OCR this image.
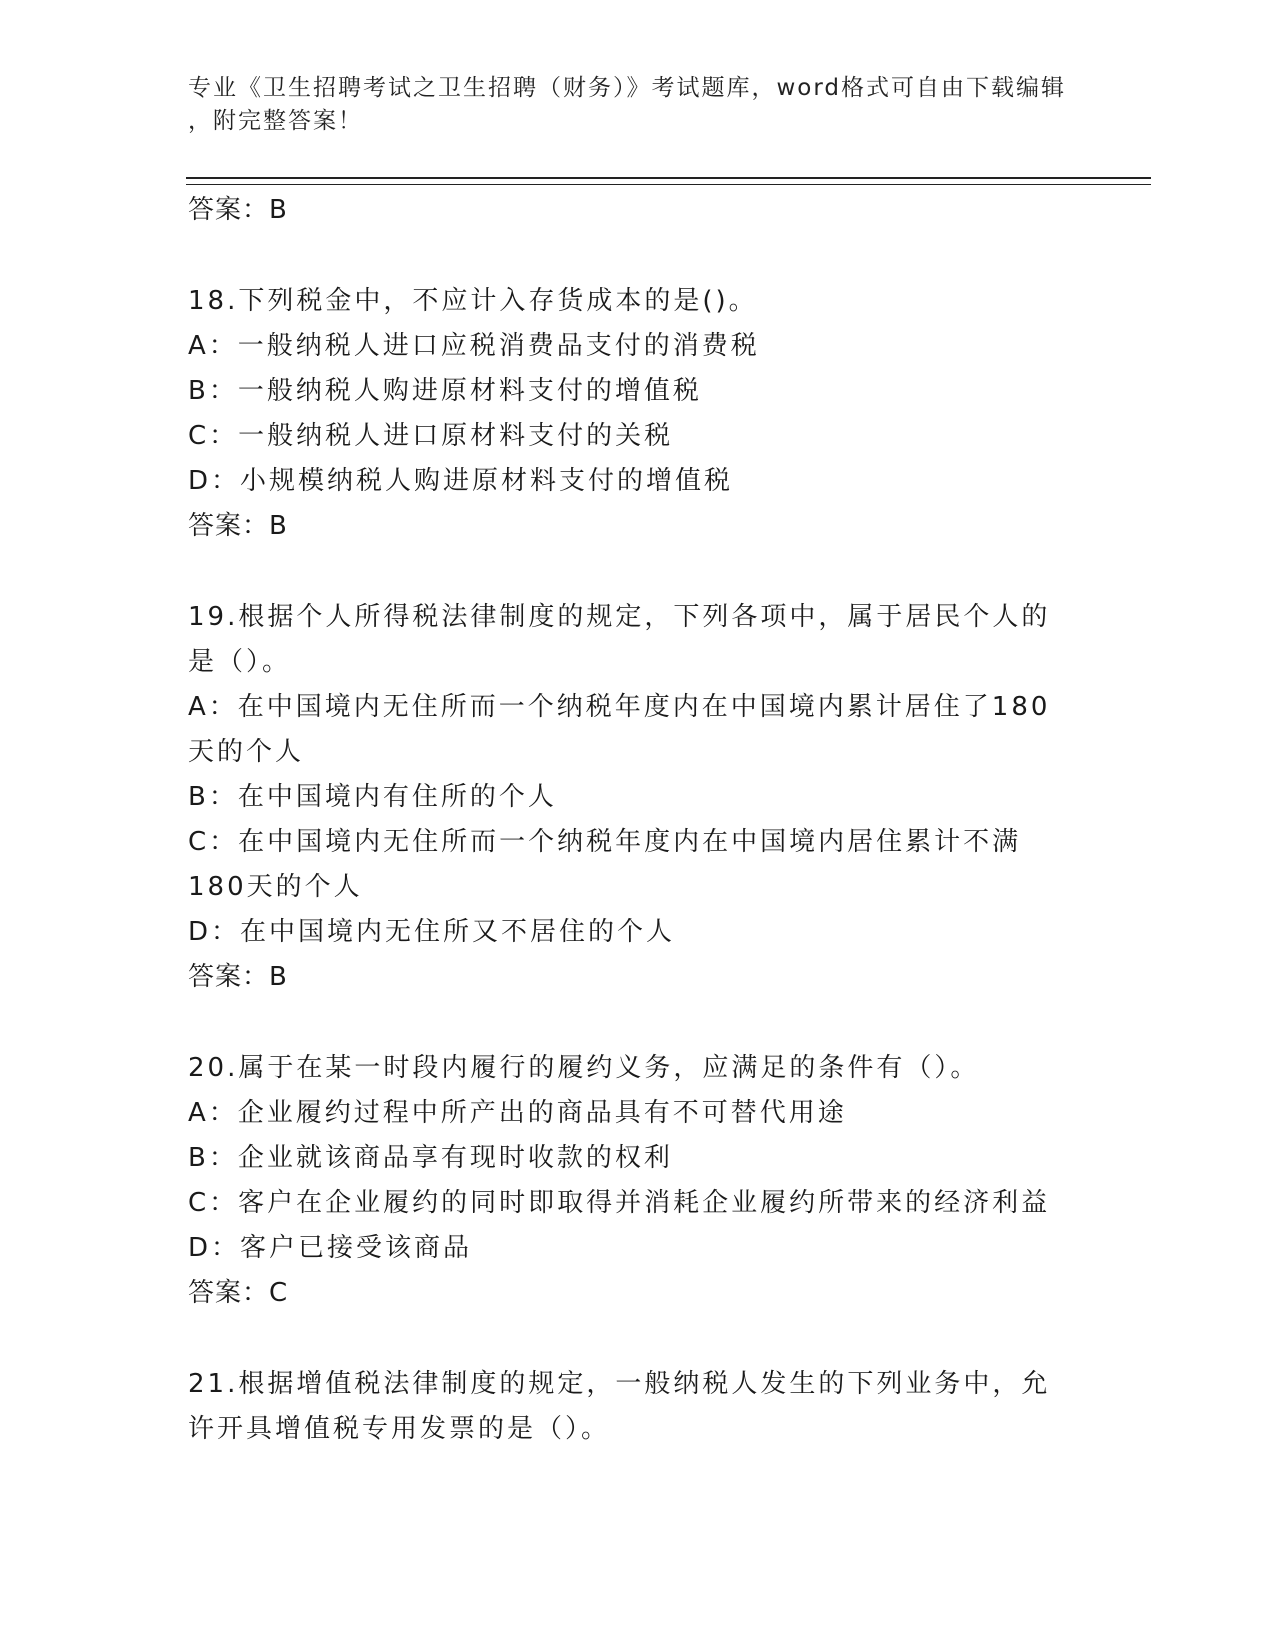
专业《卫生招聘考试之卫生招聘（财务）》考试题库，word格式可自由下载编辑
，附完整答案！
答案：B
18.下列税金中，不应计入存货成本的是()。
A：一般纳税人进口应税消费品支付的消费税
B：一般纳税人购进原材料支付的增值税
C：一般纳税人进口原材料支付的关税
D：小规模纳税人购进原材料支付的增值税
答案：B
19.根据个人所得税法律制度的规定，下列各项中，属于居民个人的是（）。
A：在中国境内无住所而一个纳税年度内在中国境内累计居住了180天的个人
B：在中国境内有住所的个人
C：在中国境内无住所而一个纳税年度内在中国境内居住累计不满180天的个人
D：在中国境内无住所又不居住的个人
答案：B
20.属于在某一时段内履行的履约义务，应满足的条件有（）。
A：企业履约过程中所产出的商品具有不可替代用途
B：企业就该商品享有现时收款的权利
C：客户在企业履约的同时即取得并消耗企业履约所带来的经济利益
D：客户已接受该商品
答案：C
21.根据增值税法律制度的规定，一般纳税人发生的下列业务中，允许开具增值税专用发票的是（）。
